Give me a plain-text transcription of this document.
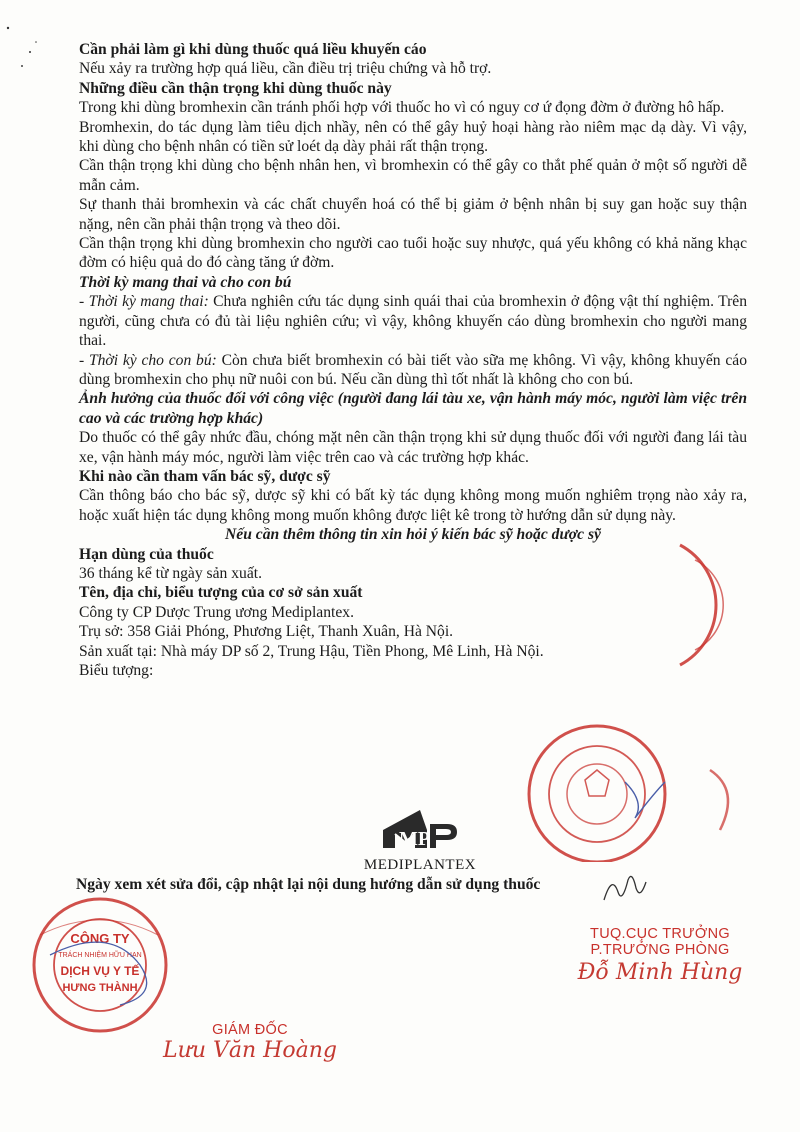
Cần phải làm gì khi dùng thuốc quá liều khuyến cáo

Nếu xảy ra trường hợp quá liều, cần điều trị triệu chứng và hỗ trợ.

Những điều cần thận trọng khi dùng thuốc này

Trong khi dùng bromhexin cần tránh phối hợp với thuốc ho vì có nguy cơ ứ đọng đờm ở đường hô hấp.

Bromhexin, do tác dụng làm tiêu dịch nhầy, nên có thể gây huỷ hoại hàng rào niêm mạc dạ dày. Vì vậy, khi dùng cho bệnh nhân có tiền sử loét dạ dày phải rất thận trọng.

Cần thận trọng khi dùng cho bệnh nhân hen, vì bromhexin có thể gây co thắt phế quản ở một số người dễ mẫn cảm.

Sự thanh thải bromhexin và các chất chuyển hoá có thể bị giảm ở bệnh nhân bị suy gan hoặc suy thận nặng, nên cần phải thận trọng và theo dõi.

Cần thận trọng khi dùng bromhexin cho người cao tuổi hoặc suy nhược, quá yếu không có khả năng khạc đờm có hiệu quả do đó càng tăng ứ đờm.

Thời kỳ mang thai và cho con bú

- Thời kỳ mang thai: Chưa nghiên cứu tác dụng sinh quái thai của bromhexin ở động vật thí nghiệm. Trên người, cũng chưa có đủ tài liệu nghiên cứu; vì vậy, không khuyến cáo dùng bromhexin cho người mang thai.

- Thời kỳ cho con bú: Còn chưa biết bromhexin có bài tiết vào sữa mẹ không. Vì vậy, không khuyến cáo dùng bromhexin cho phụ nữ nuôi con bú. Nếu cần dùng thì tốt nhất là không cho con bú.

Ảnh hưởng của thuốc đối với công việc (người đang lái tàu xe, vận hành máy móc, người làm việc trên cao và các trường hợp khác)

Do thuốc có thể gây nhức đầu, chóng mặt nên cần thận trọng khi sử dụng thuốc đối với người đang lái tàu xe, vận hành máy móc, người làm việc trên cao và các trường hợp khác.

Khi nào cần tham vấn bác sỹ, dược sỹ

Cần thông báo cho bác sỹ, dược sỹ khi có bất kỳ tác dụng không mong muốn nghiêm trọng nào xảy ra, hoặc xuất hiện tác dụng không mong muốn không được liệt kê trong tờ hướng dẫn sử dụng này.

Nếu cần thêm thông tin xin hỏi ý kiến bác sỹ hoặc dược sỹ

Hạn dùng của thuốc

36 tháng kể từ ngày sản xuất.

Tên, địa chỉ, biểu tượng của cơ sở sản xuất

Công ty CP Dược Trung ương Mediplantex.

Trụ sở: 358 Giải Phóng, Phương Liệt, Thanh Xuân, Hà Nội.

Sản xuất tại: Nhà máy DP số 2, Trung Hậu, Tiền Phong, Mê Linh, Hà Nội.

Biểu tượng:

MP
MEDIPLANTEX
Ngày xem xét sửa đổi, cập nhật lại nội dung hướng dẫn sử dụng thuốc
CÔNG TY
TRÁCH NHIỆM HỮU HẠN
DỊCH VỤ Y TẾ
HƯNG THÀNH
GIÁM ĐỐC
Lưu Văn Hoàng
TUQ.CỤC TRƯỞNG
P.TRƯỞNG PHÒNG
Đỗ Minh Hùng
